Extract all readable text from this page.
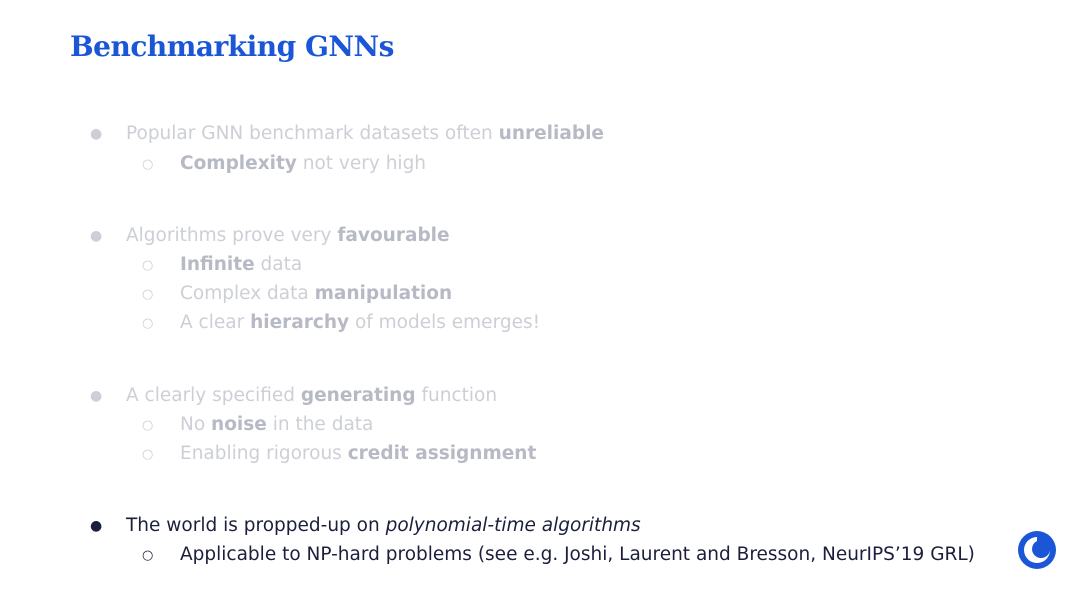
Benchmarking GNNs
● Popular GNN benchmark datasets often unreliable
○ Complexity not very high
● Algorithms prove very favourable
○ Infinite data
○ Complex data manipulation
○ A clear hierarchy of models emerges!
● A clearly specified generating function
○ No noise in the data
○ Enabling rigorous credit assignment
● The world is propped-up on polynomial-time algorithms
○ Applicable to NP-hard problems (see e.g. Joshi, Laurent and Bresson, NeurIPS’19 GRL)
